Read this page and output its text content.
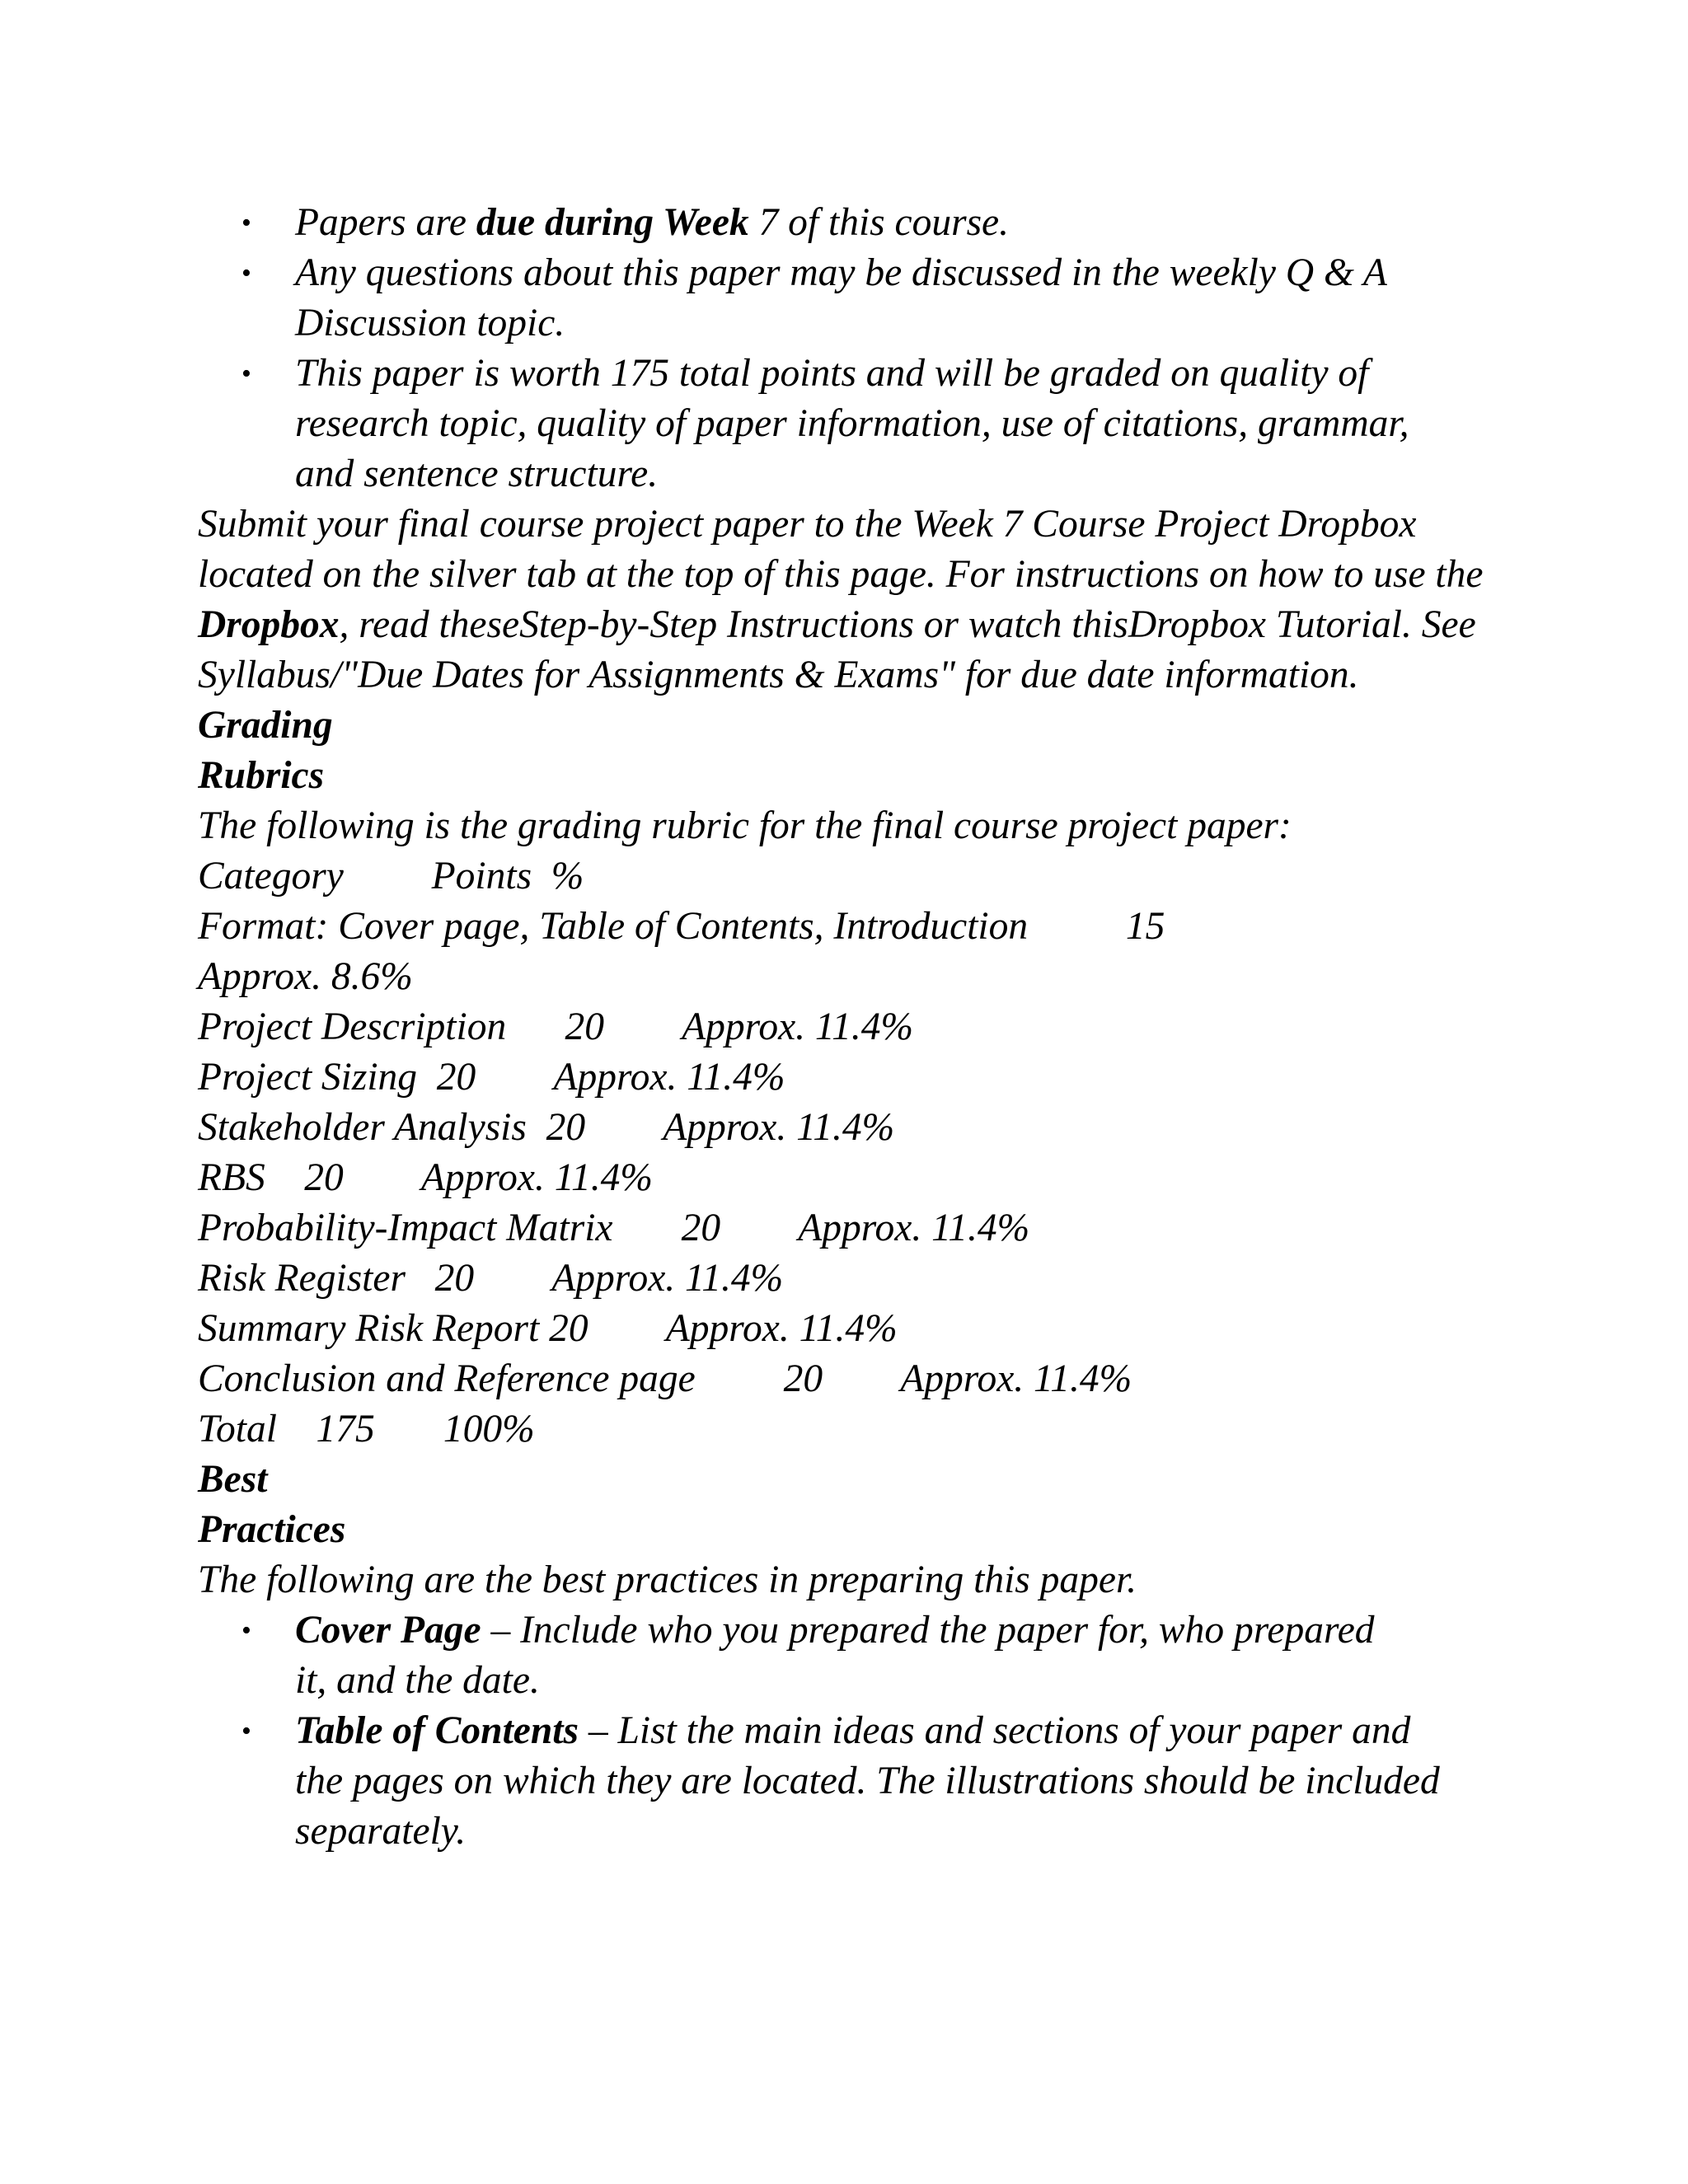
• Papers are due during Week 7 of this course.
• Any questions about this paper may be discussed in the weekly Q & A Discussion topic.
• This paper is worth 175 total points and will be graded on quality of research topic, quality of paper information, use of citations, grammar, and sentence structure.

Submit your final course project paper to the Week 7 Course Project Dropbox located on the silver tab at the top of this page. For instructions on how to use the Dropbox, read theseStep-by-Step Instructions or watch thisDropbox Tutorial. See Syllabus/"Due Dates for Assignments & Exams" for due date information.

Grading

Rubrics

The following is the grading rubric for the final course project paper:

Category         Points  %

Format: Cover page, Table of Contents, Introduction          15

Approx. 8.6%

Project Description      20        Approx. 11.4%

Project Sizing  20        Approx. 11.4%

Stakeholder Analysis  20        Approx. 11.4%

RBS    20        Approx. 11.4%

Probability-Impact Matrix       20        Approx. 11.4%

Risk Register   20        Approx. 11.4%

Summary Risk Report 20        Approx. 11.4%

Conclusion and Reference page         20        Approx. 11.4%

Total    175       100%

Best

Practices

The following are the best practices in preparing this paper.

• Cover Page – Include who you prepared the paper for, who prepared it, and the date.
• Table of Contents – List the main ideas and sections of your paper and the pages on which they are located. The illustrations should be included separately.
